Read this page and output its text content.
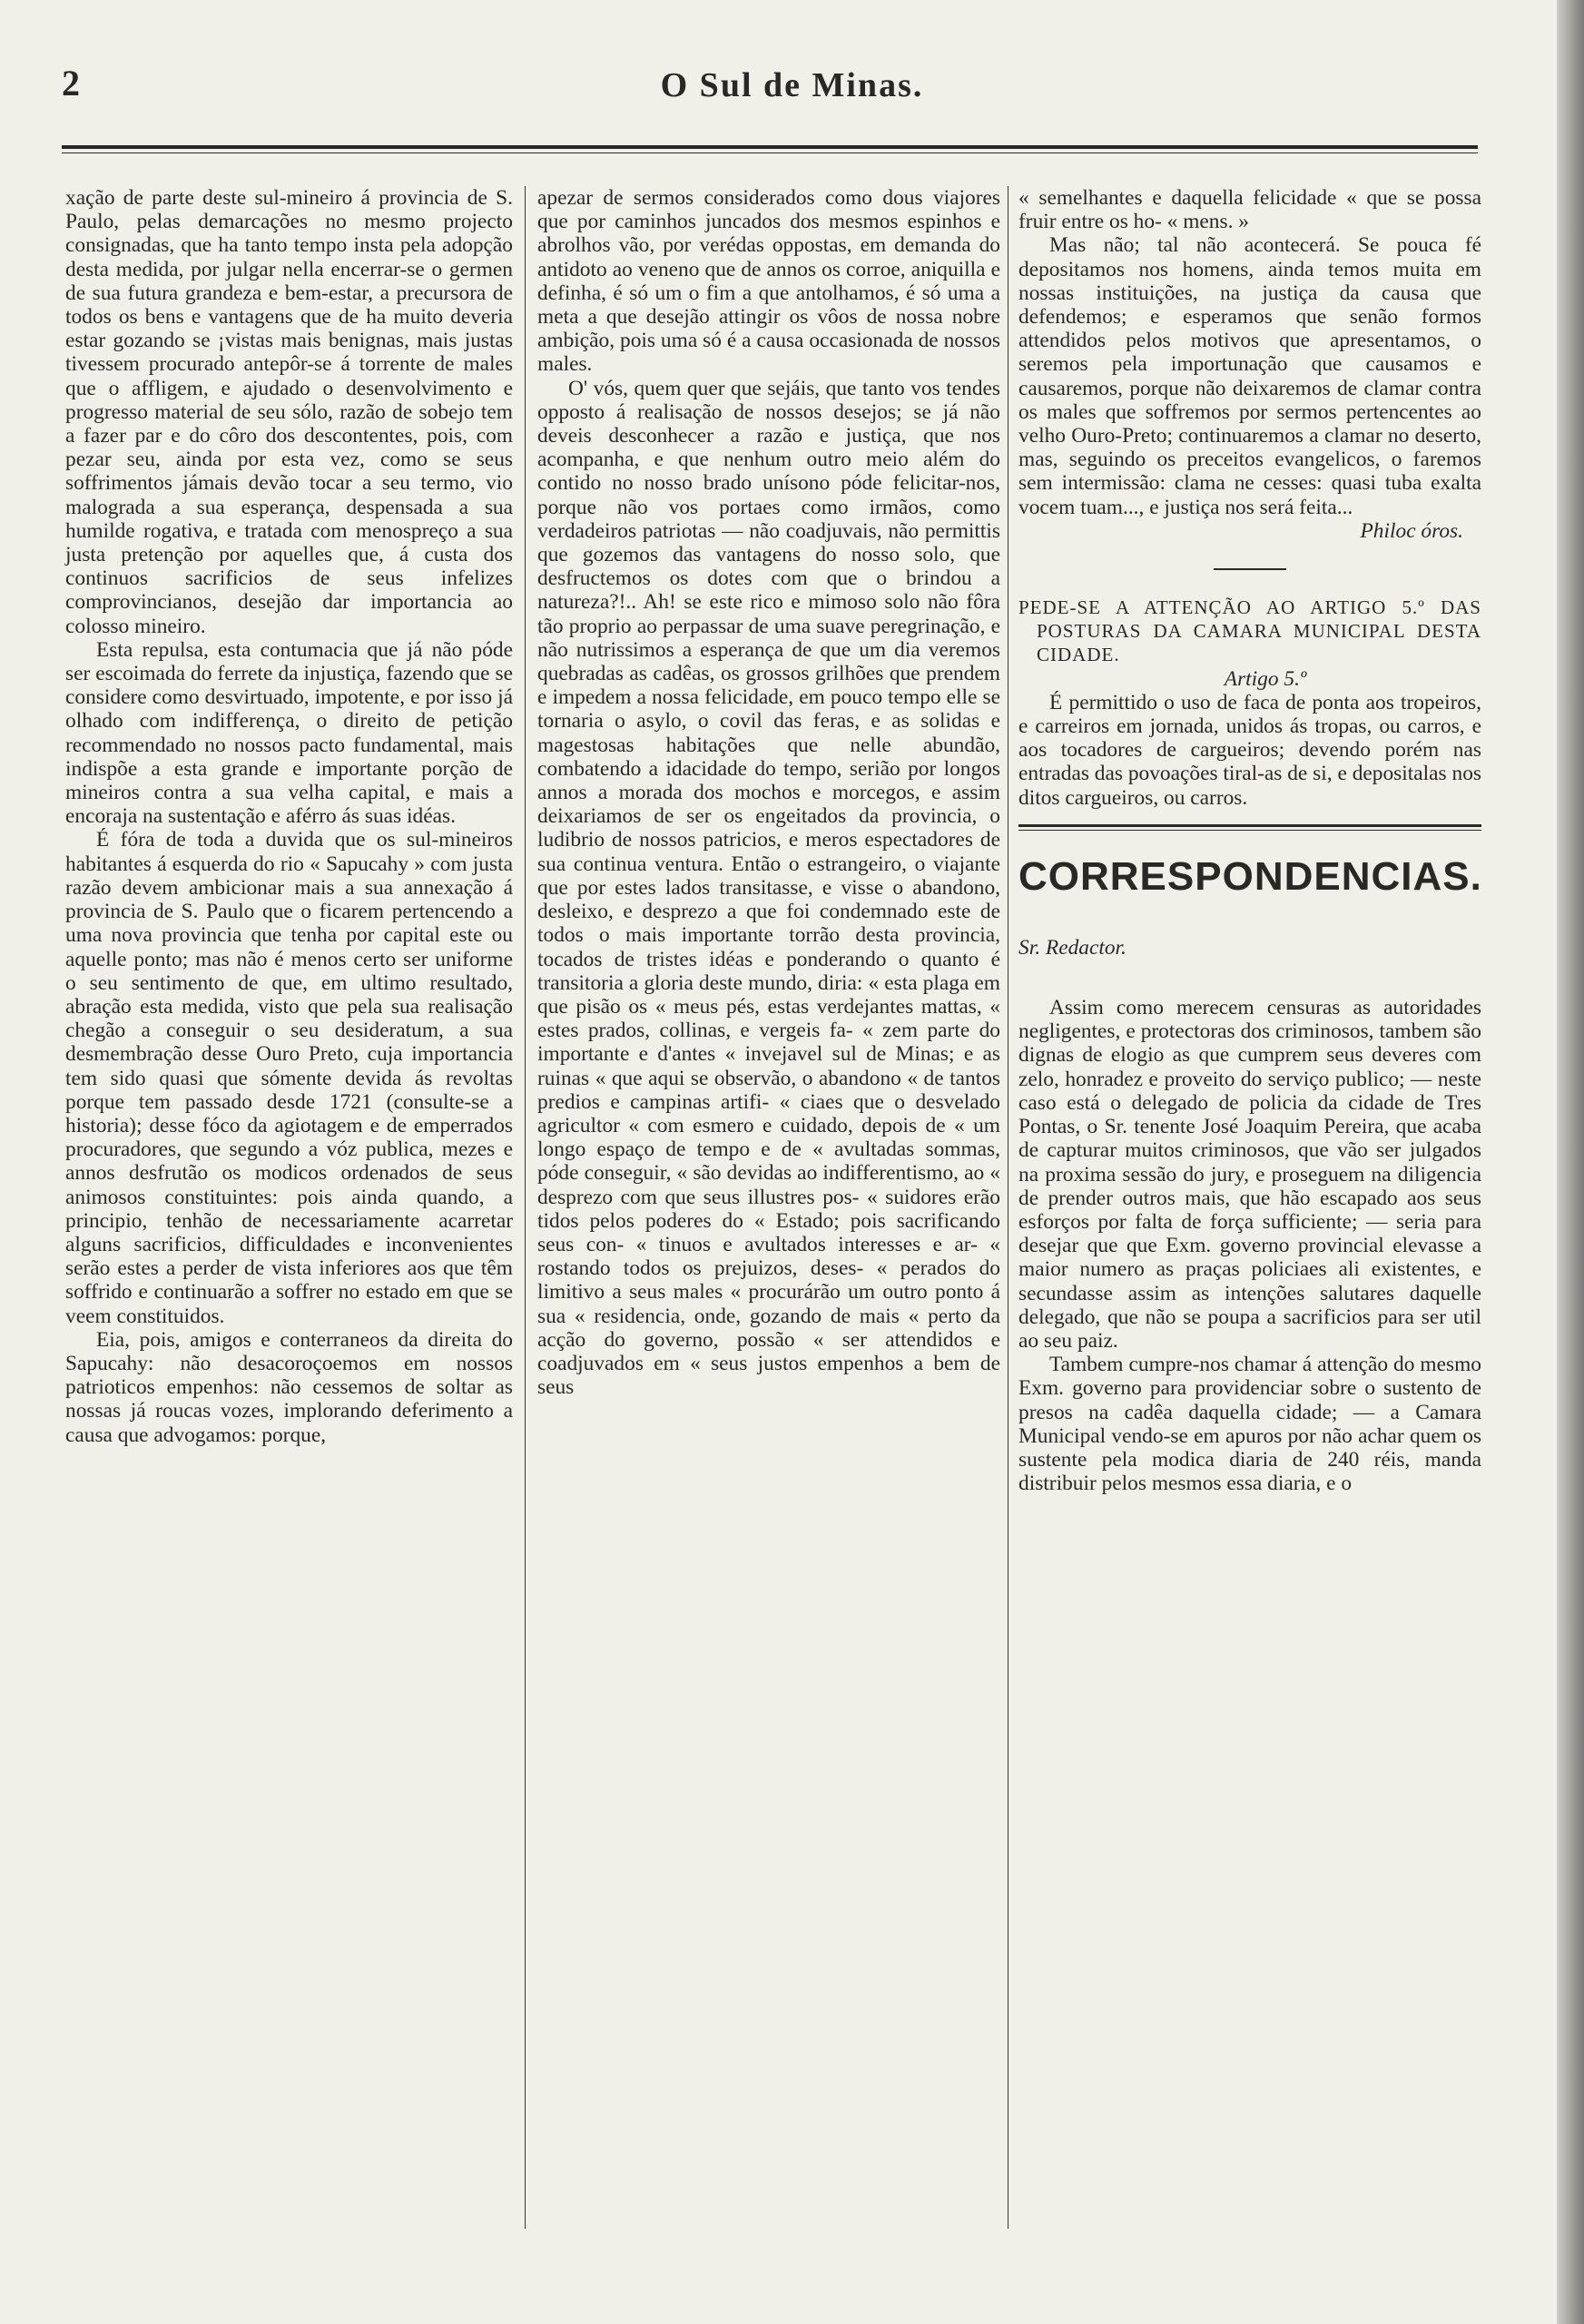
2	O Sul de Minas.

xação de parte deste sul-mineiro á provincia de S. Paulo, pelas demarcações no mesmo projecto consignadas, que ha tanto tempo insta pela adopção desta medida, por julgar nella encerrar-se o germen de sua futura grandeza e bem-estar, a precursora de todos os bens e vantagens que de ha muito deveria estar gozando se ¡vistas mais benignas, mais justas tivessem procurado antepôr-se á torrente de males que o affligem, e ajudado o desenvolvimento e progresso material de seu sólo, razão de sobejo tem a fazer par e do côro dos descontentes, pois, com pezar seu, ainda por esta vez, como se seus soffrimentos jámais devão tocar a seu termo, vio malograda a sua esperança, despensada a sua humilde rogativa, e tratada com menospreço a sua justa pretenção por aquelles que, á custa dos continuos sacrificios de seus infelizes comprovincianos, desejão dar importancia ao colosso mineiro.

Esta repulsa, esta contumacia que já não póde ser escoimada do ferrete da injustiça, fazendo que se considere como desvirtuado, impotente, e por isso já olhado com indifferença, o direito de petição recommendado no nossos pacto fundamental, mais indispõe a esta grande e importante porção de mineiros contra a sua velha capital, e mais a encoraja na sustentação e aférro ás suas idéas.

É fóra de toda a duvida que os sul-mineiros habitantes á esquerda do rio « Sapucahy » com justa razão devem ambicionar mais a sua annexação á provincia de S. Paulo que o ficarem pertencendo a uma nova provincia que tenha por capital este ou aquelle ponto; mas não é menos certo ser uniforme o seu sentimento de que, em ultimo resultado, abração esta medida, visto que pela sua realisação chegão a conseguir o seu desideratum, a sua desmembração desse Ouro Preto, cuja importancia tem sido quasi que sómente devida ás revoltas porque tem passado desde 1721 (consulte-se a historia); desse fóco da agiotagem e de emperrados procuradores, que segundo a vóz publica, mezes e annos desfrutão os modicos ordenados de seus animosos constituintes: pois ainda quando, a principio, tenhão de necessariamente acarretar alguns sacrificios, difficuldades e inconvenientes serão estes a perder de vista inferiores aos que têm soffrido e continuarão a soffrer no estado em que se veem constituidos.

Eia, pois, amigos e conterraneos da direita do Sapucahy: não desacoroçoemos em nossos patrioticos empenhos: não cessemos de soltar as nossas já roucas vozes, implorando deferimento a causa que advogamos: porque,

apezar de sermos considerados como dous viajores que por caminhos juncados dos mesmos espinhos e abrolhos vão, por verédas oppostas, em demanda do antidoto ao veneno que de annos os corroe, aniquilla e definha, é só um o fim a que antolhamos, é só uma a meta a que desejão attingir os vôos de nossa nobre ambição, pois uma só é a causa occasionada de nossos males.

O' vós, quem quer que sejáis, que tanto vos tendes opposto á realisação de nossos desejos; se já não deveis desconhecer a razão e justiça, que nos acompanha, e que nenhum outro meio além do contido no nosso brado unísono póde felicitar-nos, porque não vos portaes como irmãos, como verdadeiros patriotas — não coadjuvais, não permittis que gozemos das vantagens do nosso solo, que desfructemos os dotes com que o brindou a natureza?!.. Ah! se este rico e mimoso solo não fôra tão proprio ao perpassar de uma suave peregrinação, e não nutrissimos a esperança de que um dia veremos quebradas as cadêas, os grossos grilhões que prendem e impedem a nossa felicidade, em pouco tempo elle se tornaria o asylo, o covil das feras, e as solidas e magestosas habitações que nelle abundão, combatendo a idacidade do tempo, serião por longos annos a morada dos mochos e morcegos, e assim deixariamos de ser os engeitados da provincia, o ludibrio de nossos patricios, e meros espectadores de sua continua ventura. Então o estrangeiro, o viajante que por estes lados transitasse, e visse o abandono, desleixo, e desprezo a que foi condemnado este de todos o mais importante torrão desta provincia, tocados de tristes idéas e ponderando o quanto é transitoria a gloria deste mundo, diria: « esta plaga em que pisão os « meus pés, estas verdejantes mattas, « estes prados, collinas, e vergeis fa- « zem parte do importante e d'antes « invejavel sul de Minas; e as ruinas « que aqui se observão, o abandono « de tantos predios e campinas artifi- « ciaes que o desvelado agricultor « com esmero e cuidado, depois de « um longo espaço de tempo e de « avultadas sommas, póde conseguir, « são devidas ao indifferentismo, ao « desprezo com que seus illustres pos- « suidores erão tidos pelos poderes do « Estado; pois sacrificando seus con- « tinuos e avultados interesses e ar- « rostando todos os prejuizos, deses- « perados do limitivo a seus males « procurárão um outro ponto á sua « residencia, onde, gozando de mais « perto da acção do governo, possão « ser attendidos e coadjuvados em « seus justos empenhos a bem de seus

« semelhantes e daquella felicidade « que se possa fruir entre os ho- « mens. »

Mas não; tal não acontecerá. Se pouca fé depositamos nos homens, ainda temos muita em nossas instituições, na justiça da causa que defendemos; e esperamos que senão formos attendidos pelos motivos que apresentamos, o seremos pela importunação que causamos e causaremos, porque não deixaremos de clamar contra os males que soffremos por sermos pertencentes ao velho Ouro-Preto; continuaremos a clamar no deserto, mas, seguindo os preceitos evangelicos, o faremos sem intermissão: clama ne cesses: quasi tuba exalta vocem tuam..., e justiça nos será feita...

Philoc óros.

PEDE-SE A ATTENÇÃO AO ARTIGO 5.º DAS POSTURAS DA CAMARA MUNICIPAL DESTA CIDADE.

Artigo 5.º

É permittido o uso de faca de ponta aos tropeiros, e carreiros em jornada, unidos ás tropas, ou carros, e aos tocadores de cargueiros; devendo porém nas entradas das povoações tiral-as de si, e depositalas nos ditos cargueiros, ou carros.

CORRESPONDENCIAS.

Sr. Redactor.

Assim como merecem censuras as autoridades negligentes, e protectoras dos criminosos, tambem são dignas de elogio as que cumprem seus deveres com zelo, honradez e proveito do serviço publico; — neste caso está o delegado de policia da cidade de Tres Pontas, o Sr. tenente José Joaquim Pereira, que acaba de capturar muitos criminosos, que vão ser julgados na proxima sessão do jury, e proseguem na diligencia de prender outros mais, que hão escapado aos seus esforços por falta de força sufficiente; — seria para desejar que que Exm. governo provincial elevasse a maior numero as praças policiaes ali existentes, e secundasse assim as intenções salutares daquelle delegado, que não se poupa a sacrificios para ser util ao seu paiz.

Tambem cumpre-nos chamar á attenção do mesmo Exm. governo para providenciar sobre o sustento de presos na cadêa daquella cidade; — a Camara Municipal vendo-se em apuros por não achar quem os sustente pela modica diaria de 240 réis, manda distribuir pelos mesmos essa diaria, e o
